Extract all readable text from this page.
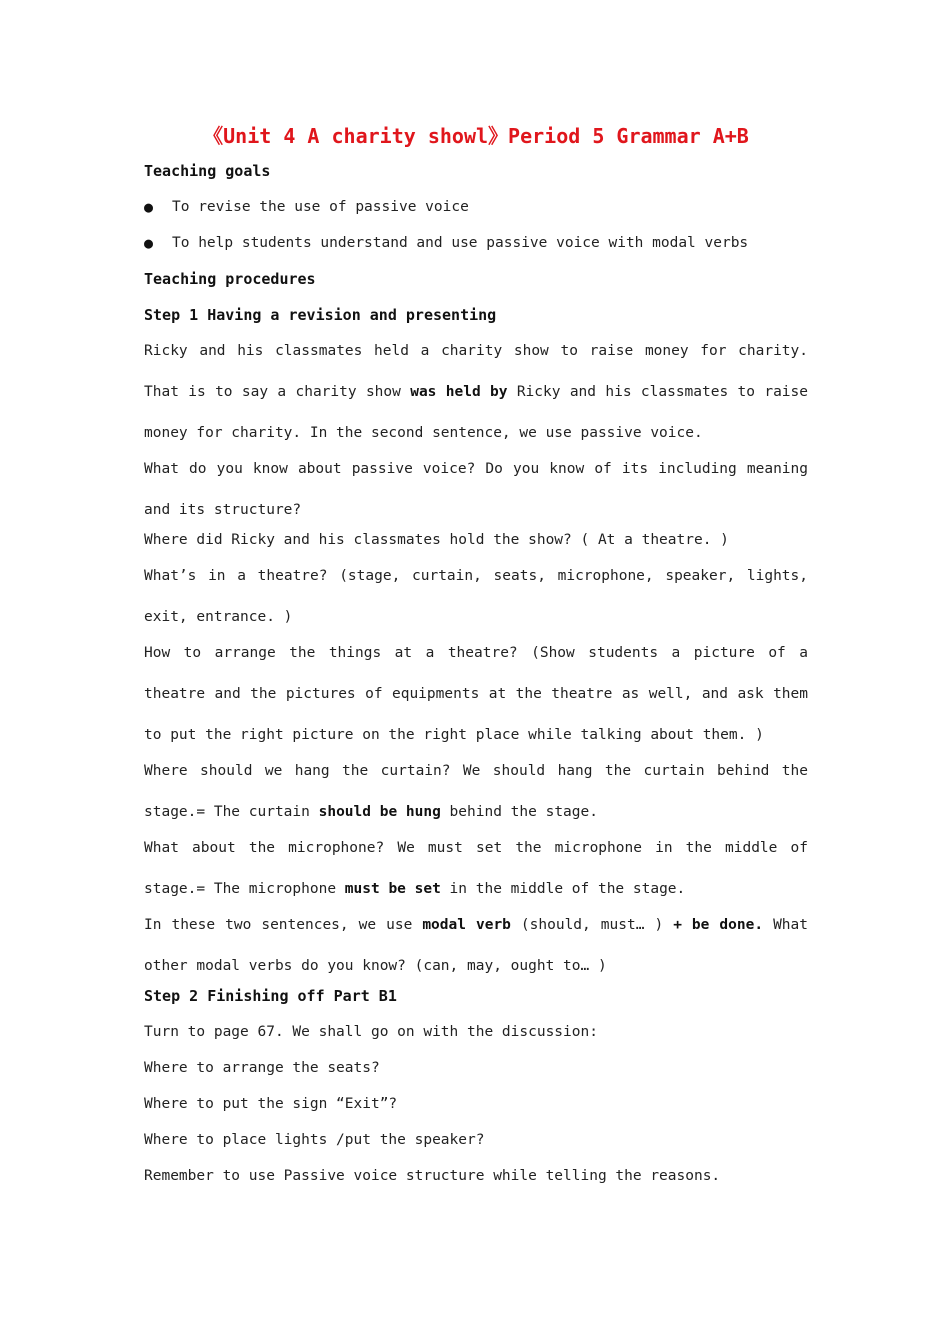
《Unit 4 A charity showl》Period 5 Grammar A+B
Teaching goals
●	To revise the use of passive voice
●	To help students understand and use passive voice with modal verbs
Teaching procedures
Step 1 Having a revision and presenting
Ricky and his classmates held a charity show to raise money for charity. That is to say a charity show was held by Ricky and his classmates to raise money for charity. In the second sentence, we use passive voice.
What do you know about passive voice? Do you know of its including meaning and its structure?
Where did Ricky and his classmates hold the show? ( At a theatre. )
What’s in a theatre? (stage, curtain, seats, microphone, speaker, lights, exit, entrance. )
How to arrange the things at a theatre? (Show students a picture of a theatre and the pictures of equipments at the theatre as well, and ask them to put the right picture on the right place while talking about them. )
Where should we hang the curtain? We should hang the curtain behind the stage.= The curtain should be hung behind the stage.
What about the microphone? We must set the microphone in the middle of stage.= The microphone must be set in the middle of the stage.
In these two sentences, we use modal verb (should, must… ) + be done. What other modal verbs do you know? (can, may, ought to… )
Step 2 Finishing off Part B1
Turn to page 67. We shall go on with the discussion:
Where to arrange the seats?
Where to put the sign “Exit”?
Where to place lights /put the speaker?
Remember to use Passive voice structure while telling the reasons.
